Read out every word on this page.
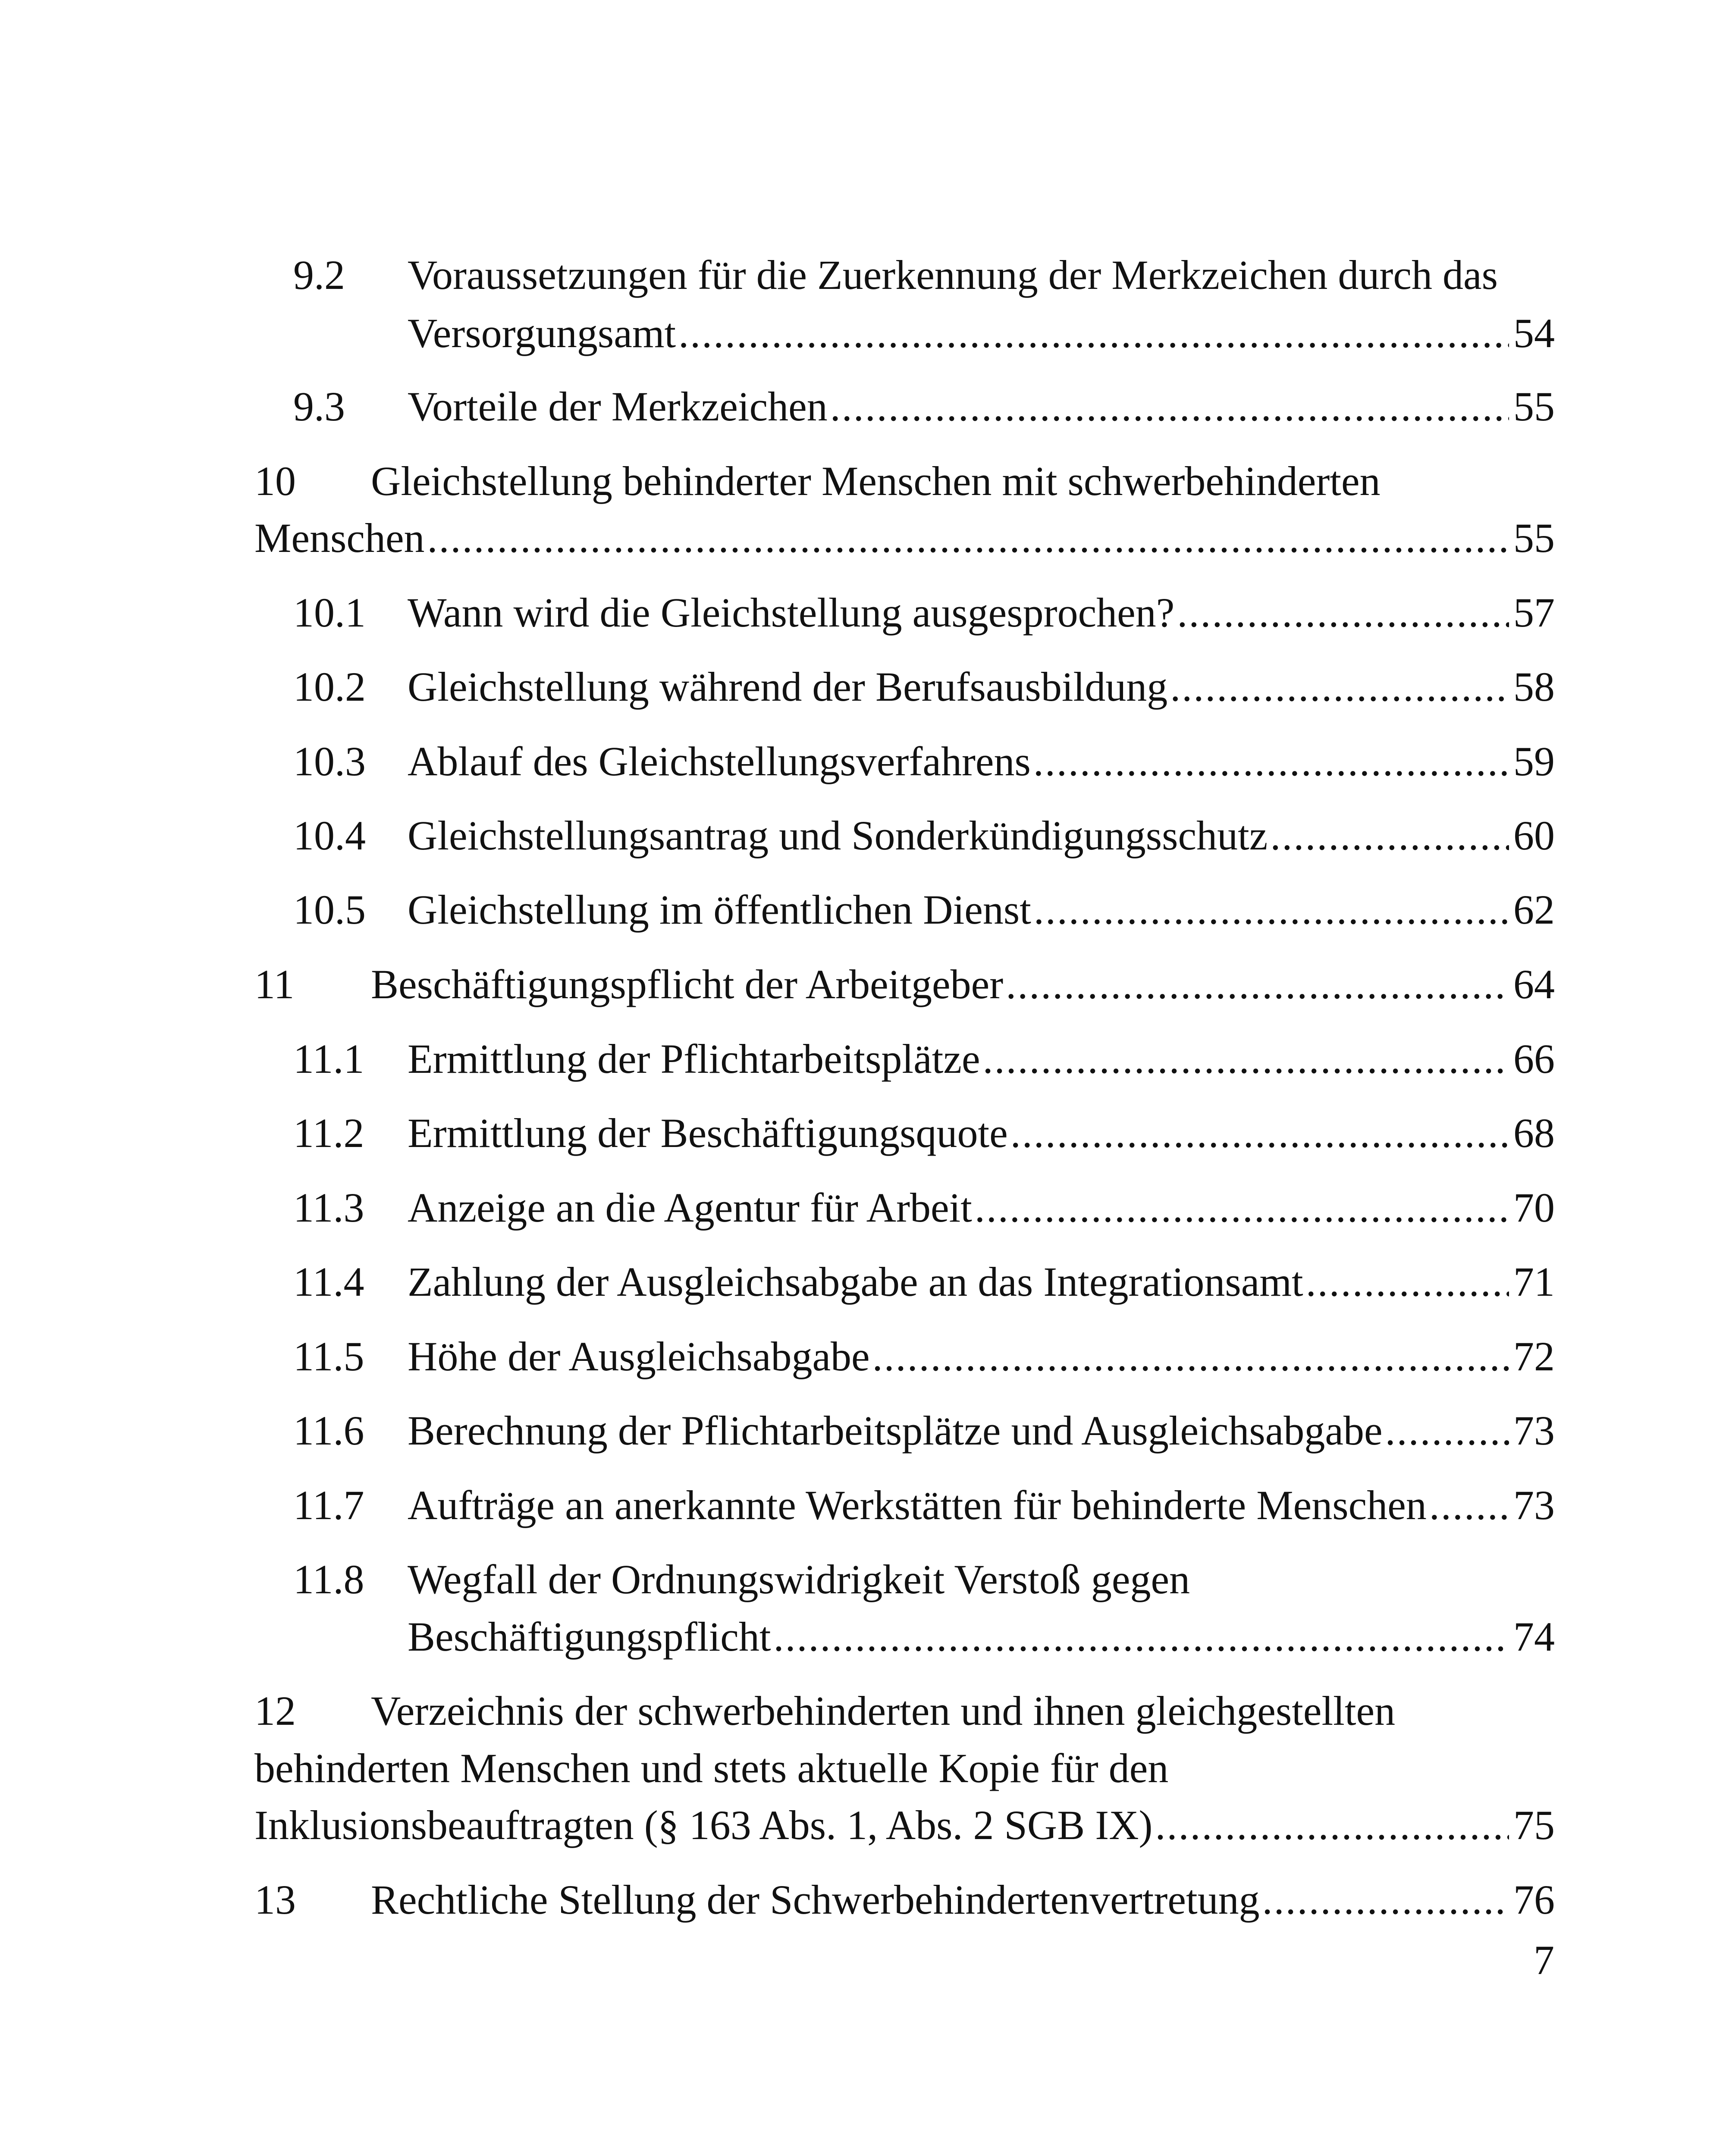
9.2	Voraussetzungen für die Zuerkennung der Merkzeichen durch das
Versorgungsamt .....	54
9.3	Vorteile der Merkzeichen .....	55
10	Gleichstellung behinderter Menschen mit schwerbehinderten
Menschen .....	55
10.1	Wann wird die Gleichstellung ausgesprochen? .....	57
10.2	Gleichstellung während der Berufsausbildung .....	58
10.3	Ablauf des Gleichstellungsverfahrens .....	59
10.4	Gleichstellungsantrag und Sonderkündigungsschutz .....	60
10.5	Gleichstellung im öffentlichen Dienst .....	62
11	Beschäftigungspflicht der Arbeitgeber .....	64
11.1	Ermittlung der Pflichtarbeitsplätze .....	66
11.2	Ermittlung der Beschäftigungsquote .....	68
11.3	Anzeige an die Agentur für Arbeit .....	70
11.4	Zahlung der Ausgleichsabgabe an das Integrationsamt .....	71
11.5	Höhe der Ausgleichsabgabe .....	72
11.6	Berechnung der Pflichtarbeitsplätze und Ausgleichsabgabe .....	73
11.7	Aufträge an anerkannte Werkstätten für behinderte Menschen ..... 73
11.8	Wegfall der Ordnungswidrigkeit Verstoß gegen
Beschäftigungspflicht .....	74
12	Verzeichnis der schwerbehinderten und ihnen gleichgestellten
behinderten Menschen und stets aktuelle Kopie für den
Inklusionsbeauftragten (§ 163 Abs. 1, Abs. 2 SGB IX) .....	75
13	Rechtliche Stellung der Schwerbehindertenvertretung .....	76
7
